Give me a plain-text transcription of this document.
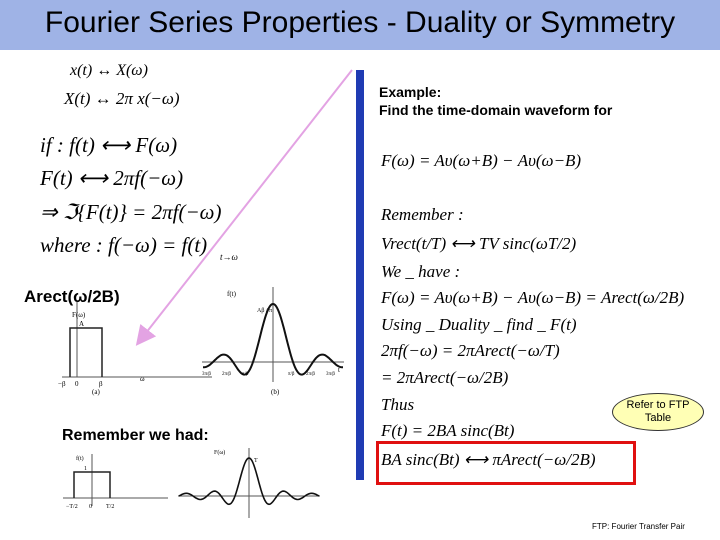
Fourier Series Properties - Duality or Symmetry
x(t) ↔ X(ω)
X(t) ↔ 2π x(−ω)
if : f(t) ⟷ F(ω)
F(t) ⟷ 2πf(−ω)
⇒ ℑ{F(t)} = 2πf(−ω)
where : f(−ω) = f(t) t→ω
Arect(ω/2B)
F(ω)
A
−β 0	β
ω
(a)
f(t)
Aβ / π
t
3π/β 2π/β π/β	π/β 2π/β 3π/β
(b)
Remember we had:
f(t)
1
−T/2 0 T/2
F(ω)
T
Example:
Find the time-domain waveform for
F(ω) = Aυ(ω+B) − Aυ(ω−B)
Remember :
Vrect(t/T) ⟷ TV sinc(ωT/2)
We _ have :
F(ω) = Aυ(ω+B) − Aυ(ω−B) = Arect(ω/2B)
Using _ Duality _ find _ F(t)
2πf(−ω) = 2πArect(−ω/T)
= 2πArect(−ω/2B)
Thus
F(t) = 2BA sinc(Bt)
BA sinc(Bt) ⟷ πArect(−ω/2B)
Refer to FTP
Table
FTP: Fourier Transfer Pair
